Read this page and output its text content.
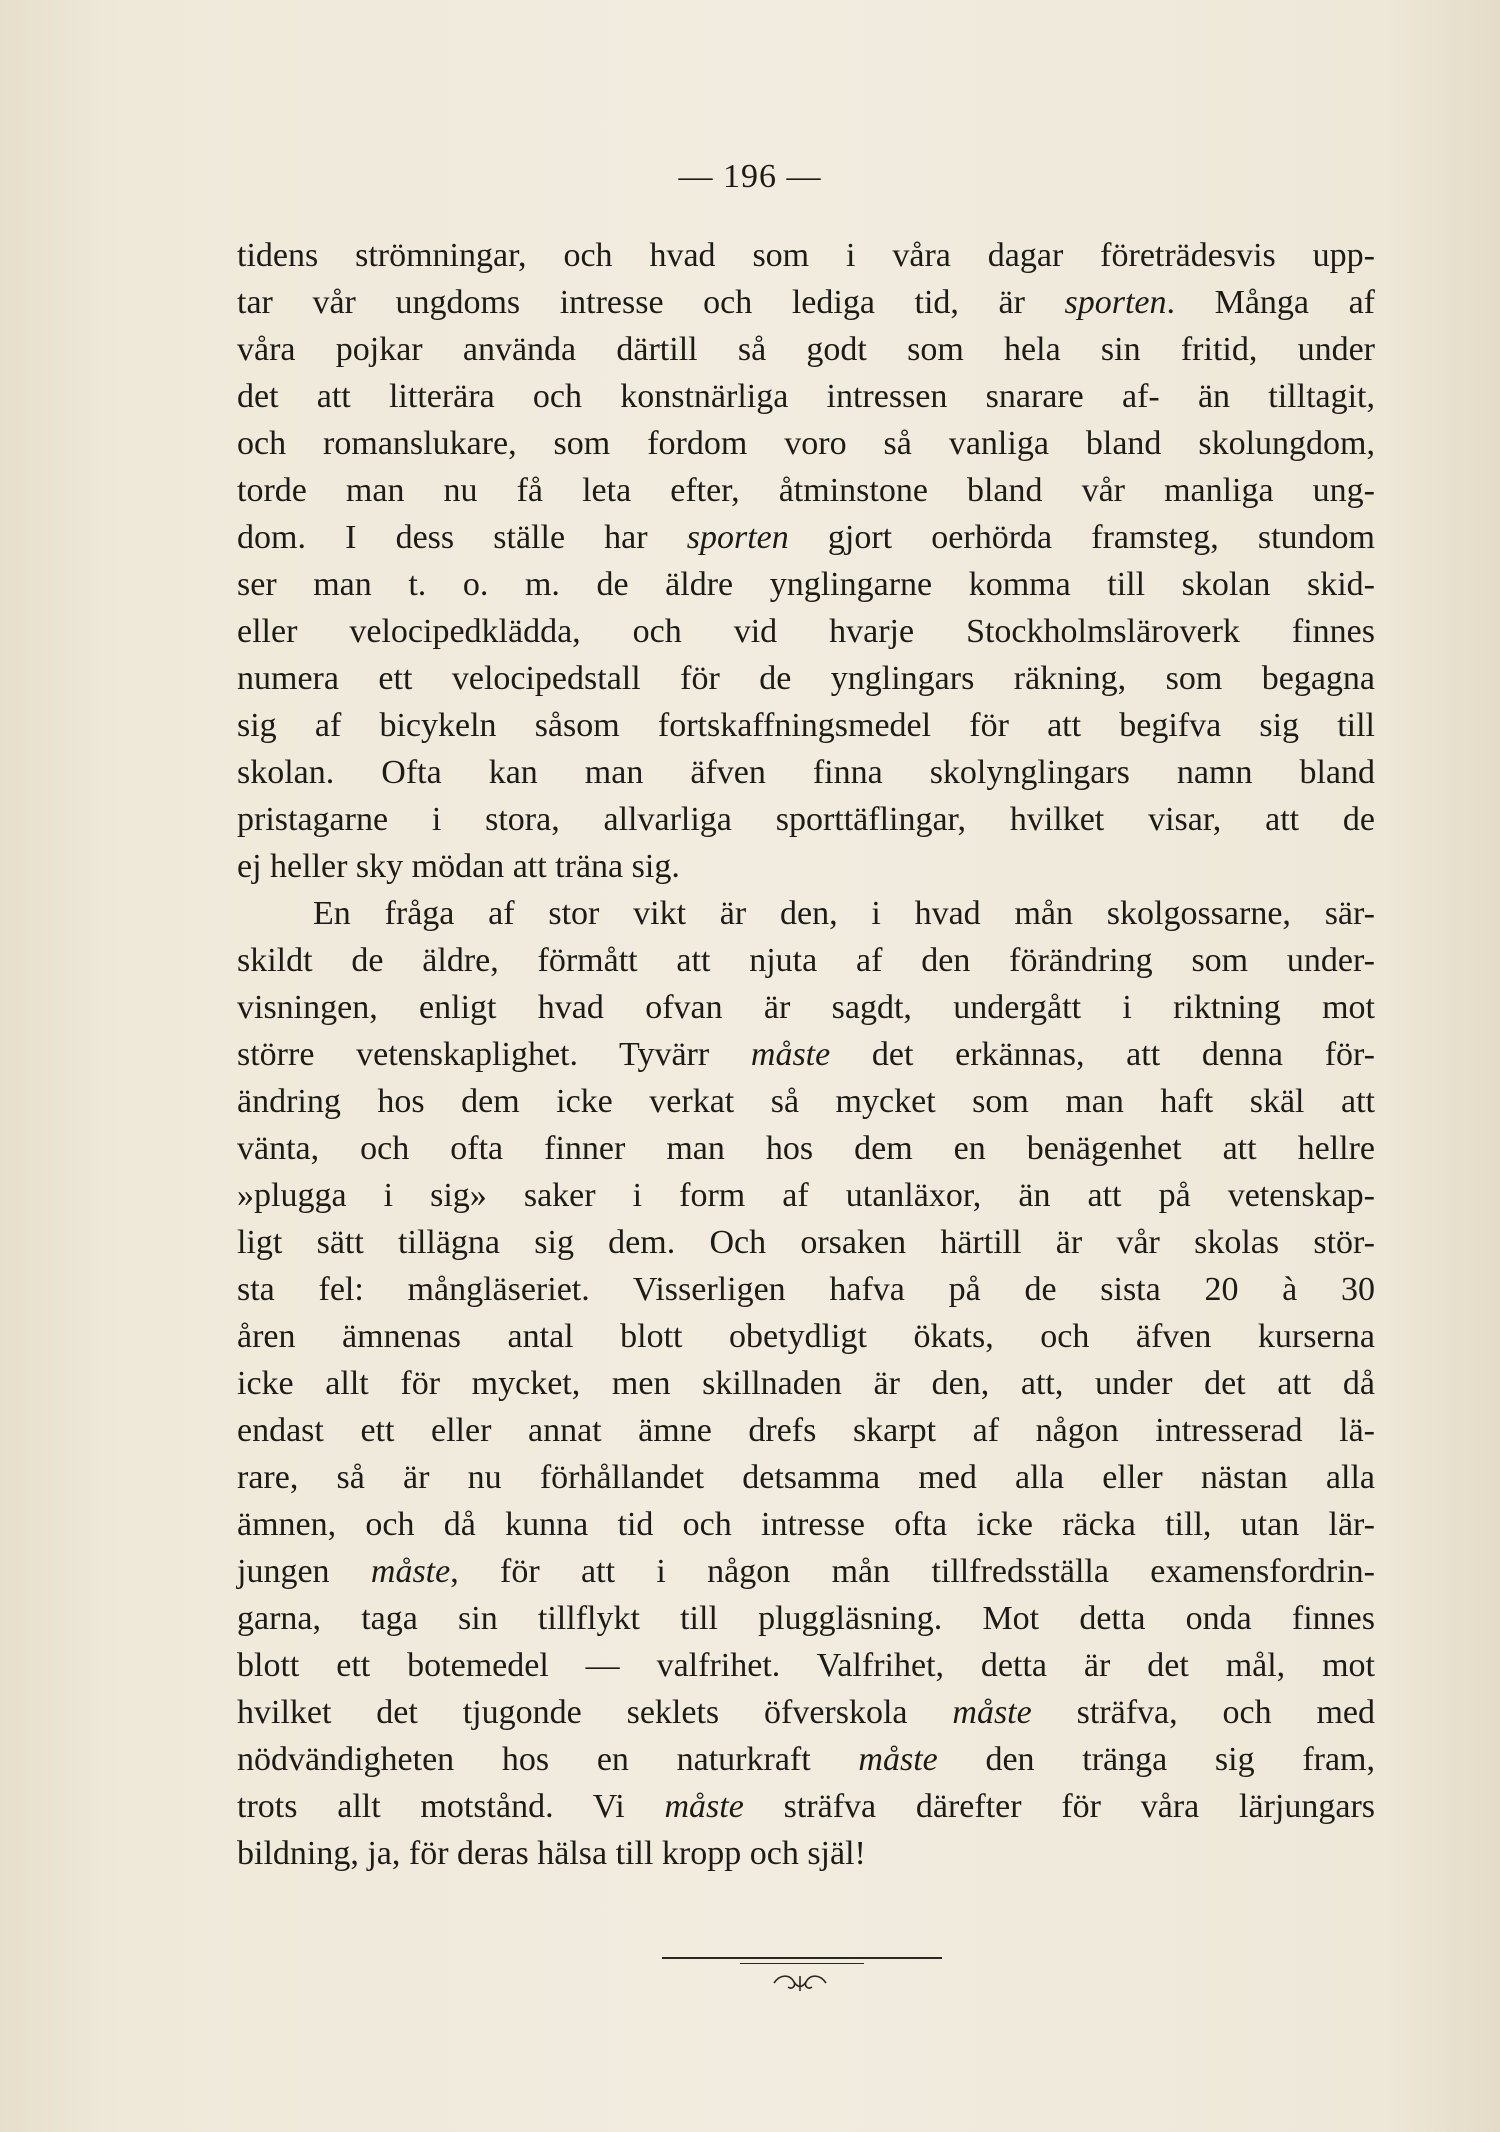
— 196 —
tidens strömningar, och hvad som i våra dagar företrädesvis upp-
tar vår ungdoms intresse och lediga tid, är sporten. Många af
våra pojkar använda därtill så godt som hela sin fritid, under
det att litterära och konstnärliga intressen snarare af- än tilltagit,
och romanslukare, som fordom voro så vanliga bland skolungdom,
torde man nu få leta efter, åtminstone bland vår manliga ung-
dom. I dess ställe har sporten gjort oerhörda framsteg, stundom
ser man t. o. m. de äldre ynglingarne komma till skolan skid-
eller velocipedklädda, och vid hvarje Stockholmsläroverk finnes
numera ett velocipedstall för de ynglingars räkning, som begagna
sig af bicykeln såsom fortskaffningsmedel för att begifva sig till
skolan. Ofta kan man äfven finna skolynglingars namn bland
pristagarne i stora, allvarliga sporttäflingar, hvilket visar, att de
ej heller sky mödan att träna sig.
En fråga af stor vikt är den, i hvad mån skolgossarne, sär-
skildt de äldre, förmått att njuta af den förändring som under-
visningen, enligt hvad ofvan är sagdt, undergått i riktning mot
större vetenskaplighet. Tyvärr måste det erkännas, att denna för-
ändring hos dem icke verkat så mycket som man haft skäl att
vänta, och ofta finner man hos dem en benägenhet att hellre
»plugga i sig» saker i form af utanläxor, än att på vetenskap-
ligt sätt tillägna sig dem. Och orsaken härtill är vår skolas stör-
sta fel: mångläseriet. Visserligen hafva på de sista 20 à 30
åren ämnenas antal blott obetydligt ökats, och äfven kurserna
icke allt för mycket, men skillnaden är den, att, under det att då
endast ett eller annat ämne drefs skarpt af någon intresserad lä-
rare, så är nu förhållandet detsamma med alla eller nästan alla
ämnen, och då kunna tid och intresse ofta icke räcka till, utan lär-
jungen måste, för att i någon mån tillfredsställa examensfordrin-
garna, taga sin tillflykt till pluggläsning. Mot detta onda finnes
blott ett botemedel — valfrihet. Valfrihet, detta är det mål, mot
hvilket det tjugonde seklets öfverskola måste sträfva, och med
nödvändigheten hos en naturkraft måste den tränga sig fram,
trots allt motstånd. Vi måste sträfva därefter för våra lärjungars
bildning, ja, för deras hälsa till kropp och själ!
